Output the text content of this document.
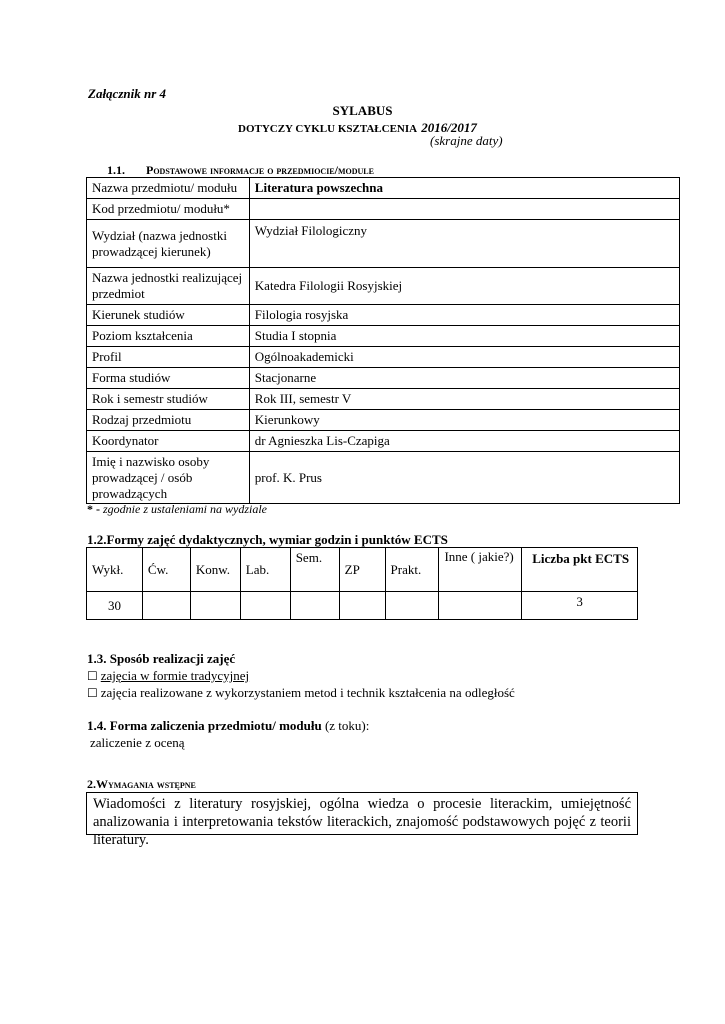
Załącznik nr 4
SYLABUS
DOTYCZY CYKLU KSZTAŁCENIA 2016/2017
(skrajne daty)
1.1. Podstawowe informacje o przedmiocie/module
Nazwa przedmiotu/ modułu	Literatura powszechna
Kod przedmiotu/ modułu*	
Wydział (nazwa jednostki prowadzącej kierunek)	Wydział Filologiczny
Nazwa jednostki realizującej przedmiot	Katedra Filologii Rosyjskiej
Kierunek studiów	Filologia rosyjska
Poziom kształcenia	Studia I stopnia
Profil	Ogólnoakademicki
Forma studiów	Stacjonarne
Rok i semestr studiów	Rok III, semestr V
Rodzaj przedmiotu	Kierunkowy
Koordynator	dr Agnieszka Lis-Czapiga
Imię i nazwisko osoby prowadzącej / osób prowadzących	prof. K. Prus
* - zgodnie z ustaleniami na wydziale
1.2.Formy zajęć dydaktycznych, wymiar godzin i punktów ECTS
Wykł.	Ćw.	Konw.	Lab.	Sem.	ZP	Prakt.	Inne ( jakie?)	Liczba pkt ECTS
30								3
1.3. Sposób realizacji zajęć
☐ zajęcia w formie tradycyjnej
☐ zajęcia realizowane z wykorzystaniem metod i technik kształcenia na odległość
1.4. Forma zaliczenia przedmiotu/ modułu (z toku):
zaliczenie z oceną
2.Wymagania wstępne
Wiadomości z literatury rosyjskiej, ogólna wiedza o procesie literackim, umiejętność analizowania i interpretowania tekstów literackich, znajomość podstawowych pojęć z teorii literatury.
